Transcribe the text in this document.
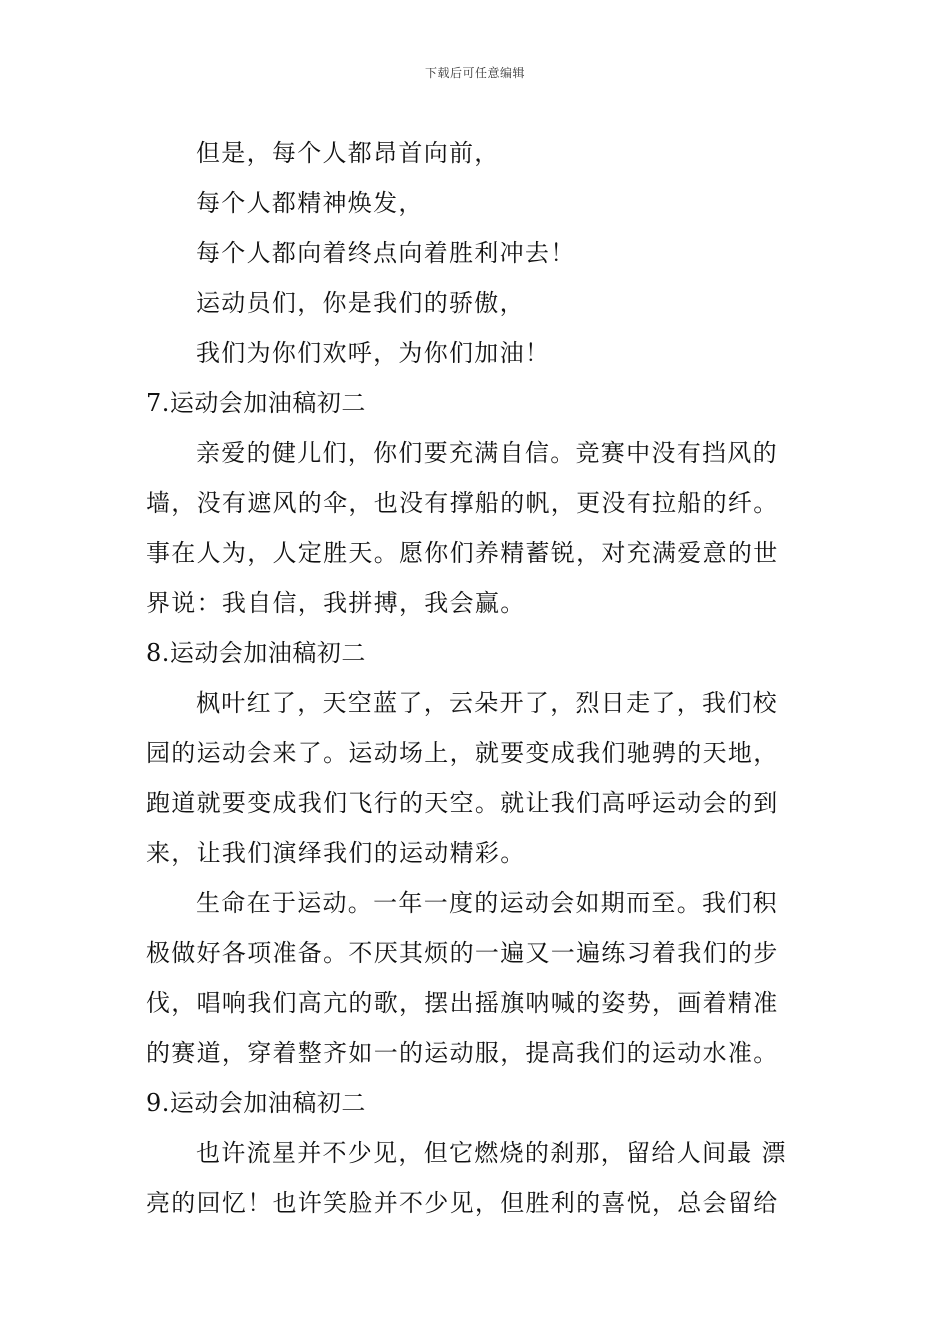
下载后可任意编辑
但是，每个人都昂首向前，
每个人都精神焕发，
每个人都向着终点向着胜利冲去！
运动员们，你是我们的骄傲，
我们为你们欢呼，为你们加油！
7.运动会加油稿初二
亲爱的健儿们，你们要充满自信。竞赛中没有挡风的
墙，没有遮风的伞，也没有撑船的帆，更没有拉船的纤。
事在人为，人定胜天。愿你们养精蓄锐，对充满爱意的世
界说：我自信，我拼搏，我会赢。
8.运动会加油稿初二
枫叶红了，天空蓝了，云朵开了，烈日走了，我们校
园的运动会来了。运动场上，就要变成我们驰骋的天地，
跑道就要变成我们飞行的天空。就让我们高呼运动会的到
来，让我们演绎我们的运动精彩。
生命在于运动。一年一度的运动会如期而至。我们积
极做好各项准备。不厌其烦的一遍又一遍练习着我们的步
伐，唱响我们高亢的歌，摆出摇旗呐喊的姿势，画着精准
的赛道，穿着整齐如一的运动服，提高我们的运动水准。
9.运动会加油稿初二
也许流星并不少见，但它燃烧的刹那，留给人间最 漂
亮的回忆！也许笑脸并不少见，但胜利的喜悦，总会留给
